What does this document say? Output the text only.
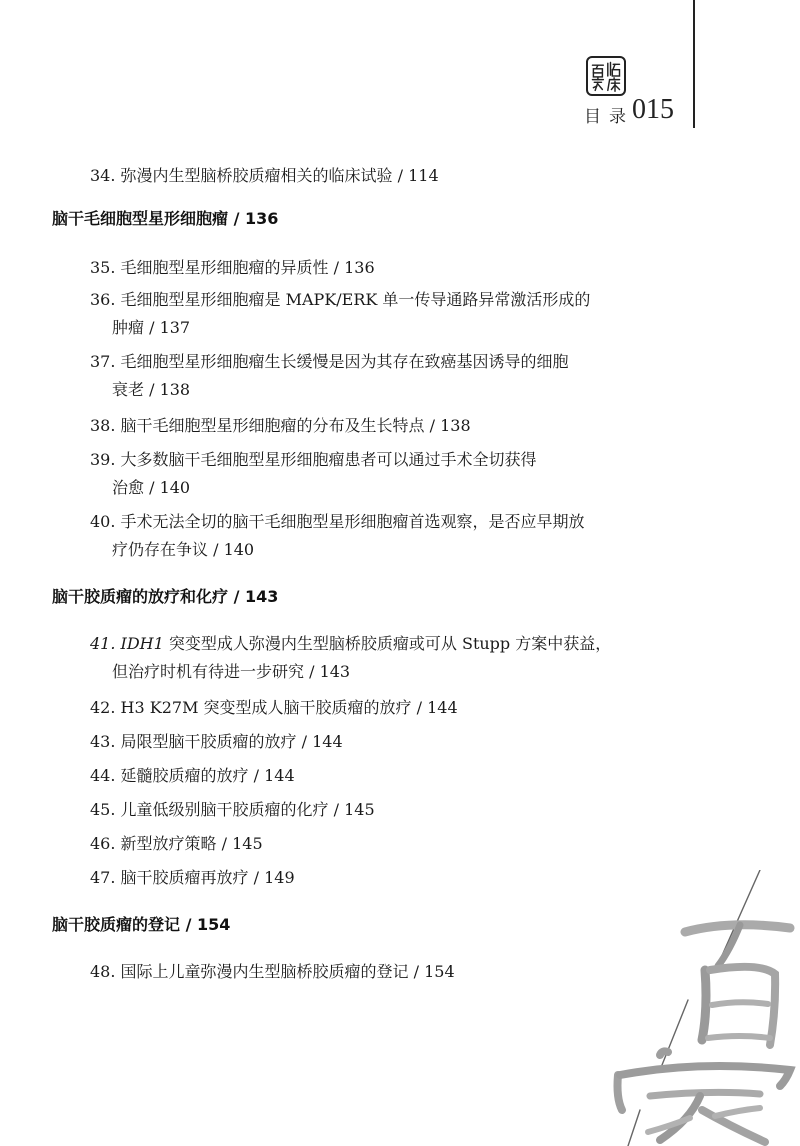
目录
015
34. 弥漫内生型脑桥胶质瘤相关的临床试验 / 114
脑干毛细胞型星形细胞瘤 / 136
35. 毛细胞型星形细胞瘤的异质性 / 136
36. 毛细胞型星形细胞瘤是 MAPK/ERK 单一传导通路异常激活形成的
肿瘤 / 137
37. 毛细胞型星形细胞瘤生长缓慢是因为其存在致癌基因诱导的细胞
衰老 / 138
38. 脑干毛细胞型星形细胞瘤的分布及生长特点 / 138
39. 大多数脑干毛细胞型星形细胞瘤患者可以通过手术全切获得
治愈 / 140
40. 手术无法全切的脑干毛细胞型星形细胞瘤首选观察，是否应早期放
疗仍存在争议 / 140
脑干胶质瘤的放疗和化疗 / 143
41. IDH1 突变型成人弥漫内生型脑桥胶质瘤或可从 Stupp 方案中获益，
但治疗时机有待进一步研究 / 143
42. H3 K27M 突变型成人脑干胶质瘤的放疗 / 144
43. 局限型脑干胶质瘤的放疗 / 144
44. 延髓胶质瘤的放疗 / 144
45. 儿童低级别脑干胶质瘤的化疗 / 145
46. 新型放疗策略 / 145
47. 脑干胶质瘤再放疗 / 149
脑干胶质瘤的登记 / 154
48. 国际上儿童弥漫内生型脑桥胶质瘤的登记 / 154
